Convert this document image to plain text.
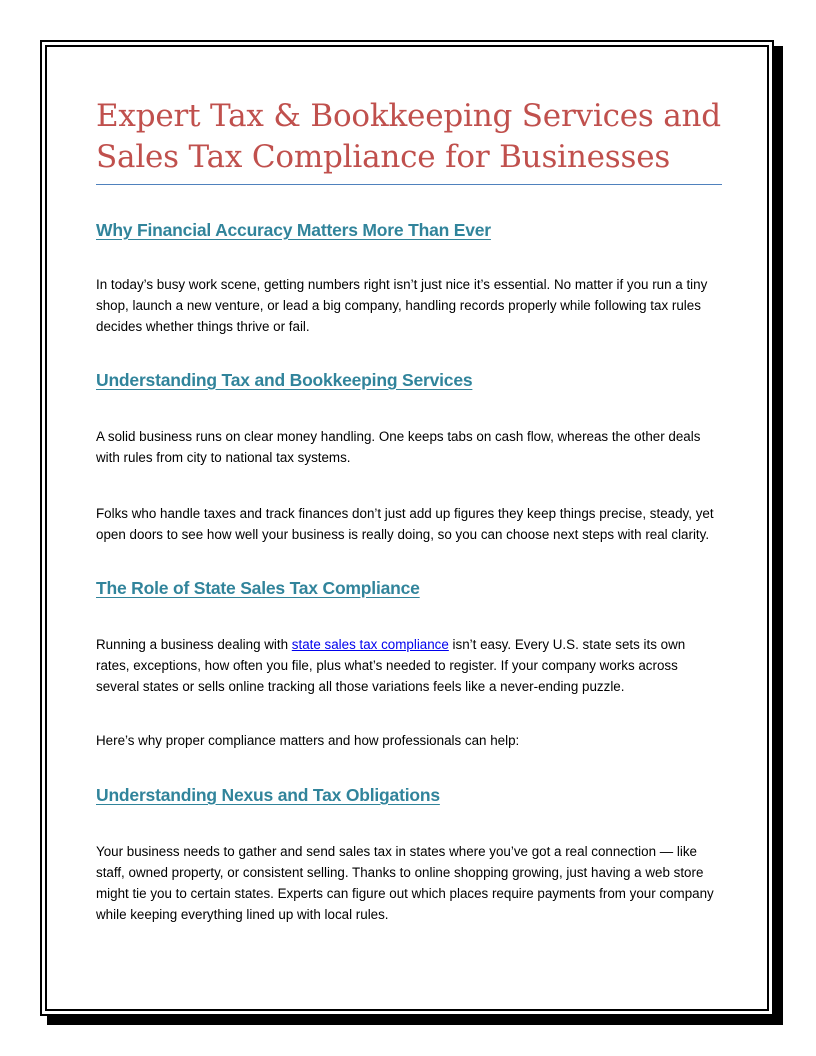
Expert Tax & Bookkeeping Services and Sales Tax Compliance for Businesses
Why Financial Accuracy Matters More Than Ever

In today’s busy work scene, getting numbers right isn’t just nice it’s essential. No matter if you run a tiny shop, launch a new venture, or lead a big company, handling records properly while following tax rules decides whether things thrive or fail.

Understanding Tax and Bookkeeping Services

A solid business runs on clear money handling. One keeps tabs on cash flow, whereas the other deals with rules from city to national tax systems.

Folks who handle taxes and track finances don’t just add up figures they keep things precise, steady, yet open doors to see how well your business is really doing, so you can choose next steps with real clarity.

The Role of State Sales Tax Compliance

Running a business dealing with state sales tax compliance isn’t easy. Every U.S. state sets its own rates, exceptions, how often you file, plus what’s needed to register. If your company works across several states or sells online tracking all those variations feels like a never-ending puzzle.

Here’s why proper compliance matters and how professionals can help:

Understanding Nexus and Tax Obligations

Your business needs to gather and send sales tax in states where you’ve got a real connection — like staff, owned property, or consistent selling. Thanks to online shopping growing, just having a web store might tie you to certain states. Experts can figure out which places require payments from your company while keeping everything lined up with local rules.
